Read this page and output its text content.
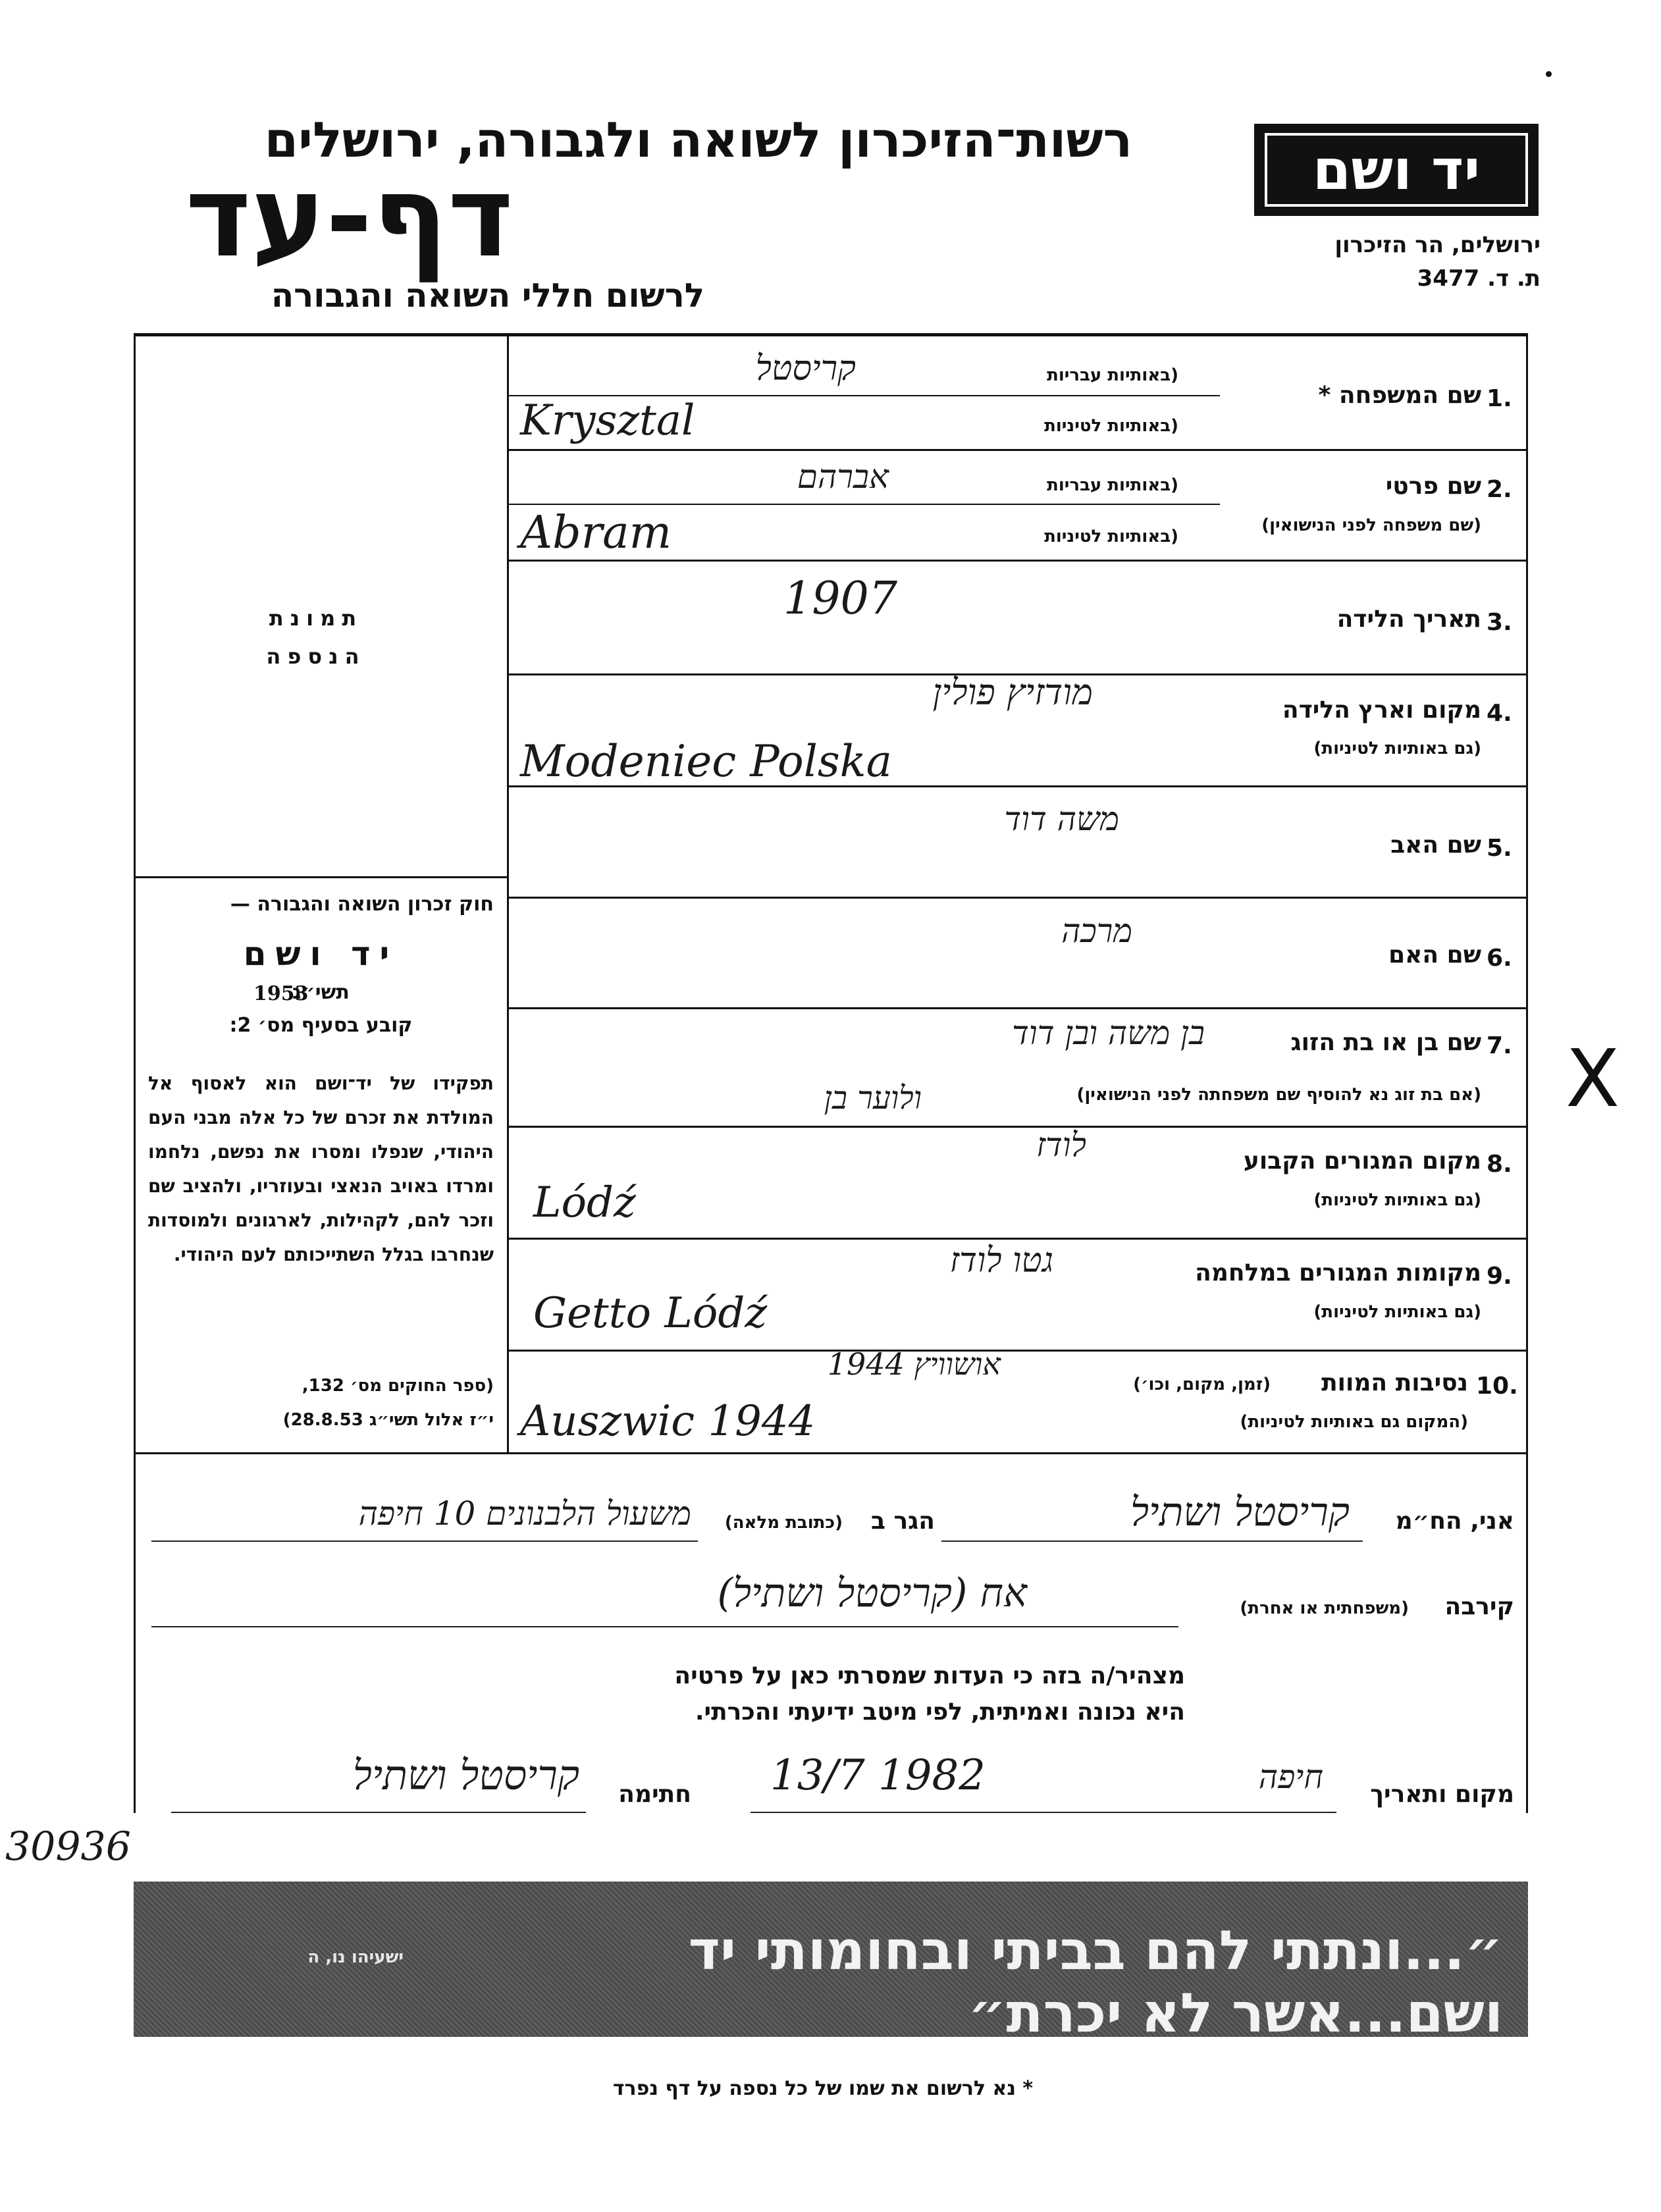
רשות־הזיכרון לשואה ולגבורה, ירושלים
דף-עד
לרשום חללי השואה והגבורה
יד ושם
ירושלים, הר הזיכרון
ת. ד. 3477
תמונת
הנספה
חוק זכרון השואה והגבורה —
יד ושם
תשי״ג
1953
קובע בסעיף מס׳ 2:
תפקידו של יד־ושם הוא לאסוף אל המולדת את זכרם של כל אלה מבני העם היהודי, שנפלו ומסרו את נפשם, נלחמו ומרדו באויב הנאצי ובעוזריו, ולהציב שם וזכר להם, לקהילות, לארגונים ולמוסדות שנחרבו בגלל השתייכותם לעם היהודי.
(ספר החוקים מס׳ 132,
י״ז אלול תשי״ג 28.8.53)
1.
שם המשפחה *
(באותיות עבריות
(באותיות לטיניות
קריסטל
Krysztal
2.
שם פרטי
(שם משפחה לפני הנישואין)
(באותיות עבריות
(באותיות לטיניות
אברהם
Abram
3.
תאריך הלידה
1907
4.
מקום וארץ הלידה
(גם באותיות לטיניות)
מודזיץ פולין
Modeniec Polska
5.
שם האב
משה דוד
6.
שם האם
מרכה
7.
שם בן או בת הזוג
(אם בת זוג נא להוסיף שם משפחתה לפני הנישואין)
בן משה ובן דוד
ולוער בן
8.
מקום המגורים הקבוע
(גם באותיות לטיניות)
לודז
Lódź
9.
מקומות המגורים במלחמה
(גם באותיות לטיניות)
גטו לודז
Getto Lódź
10.
נסיבות המוות
(זמן, מקום, וכו׳)
(המקום גם באותיות לטיניות)
אושוויץ 1944
Auszwic 1944
אני, הח״מ
קריסטל ושתיל
הגר ב
(כתובת מלאה)
משעול הלבנונים 10 חיפה
קירבה
(משפחתית או אחרת)
אח (קריסטל ושתיל)
מצהיר/ה בזה כי העדות שמסרתי כאן על פרטיה
היא נכונה ואמיתית, לפי מיטב ידיעתי והכרתי.
מקום ותאריך
חיפה
13/7 1982
חתימה
קריסטל ושתיל
״...ונתתי להם בביתי ובחומותי יד ושם...אשר לא יכרת״
ישעיהו נו, ה
* נא לרשום את שמו של כל נספה על דף נפרד
30936
X
